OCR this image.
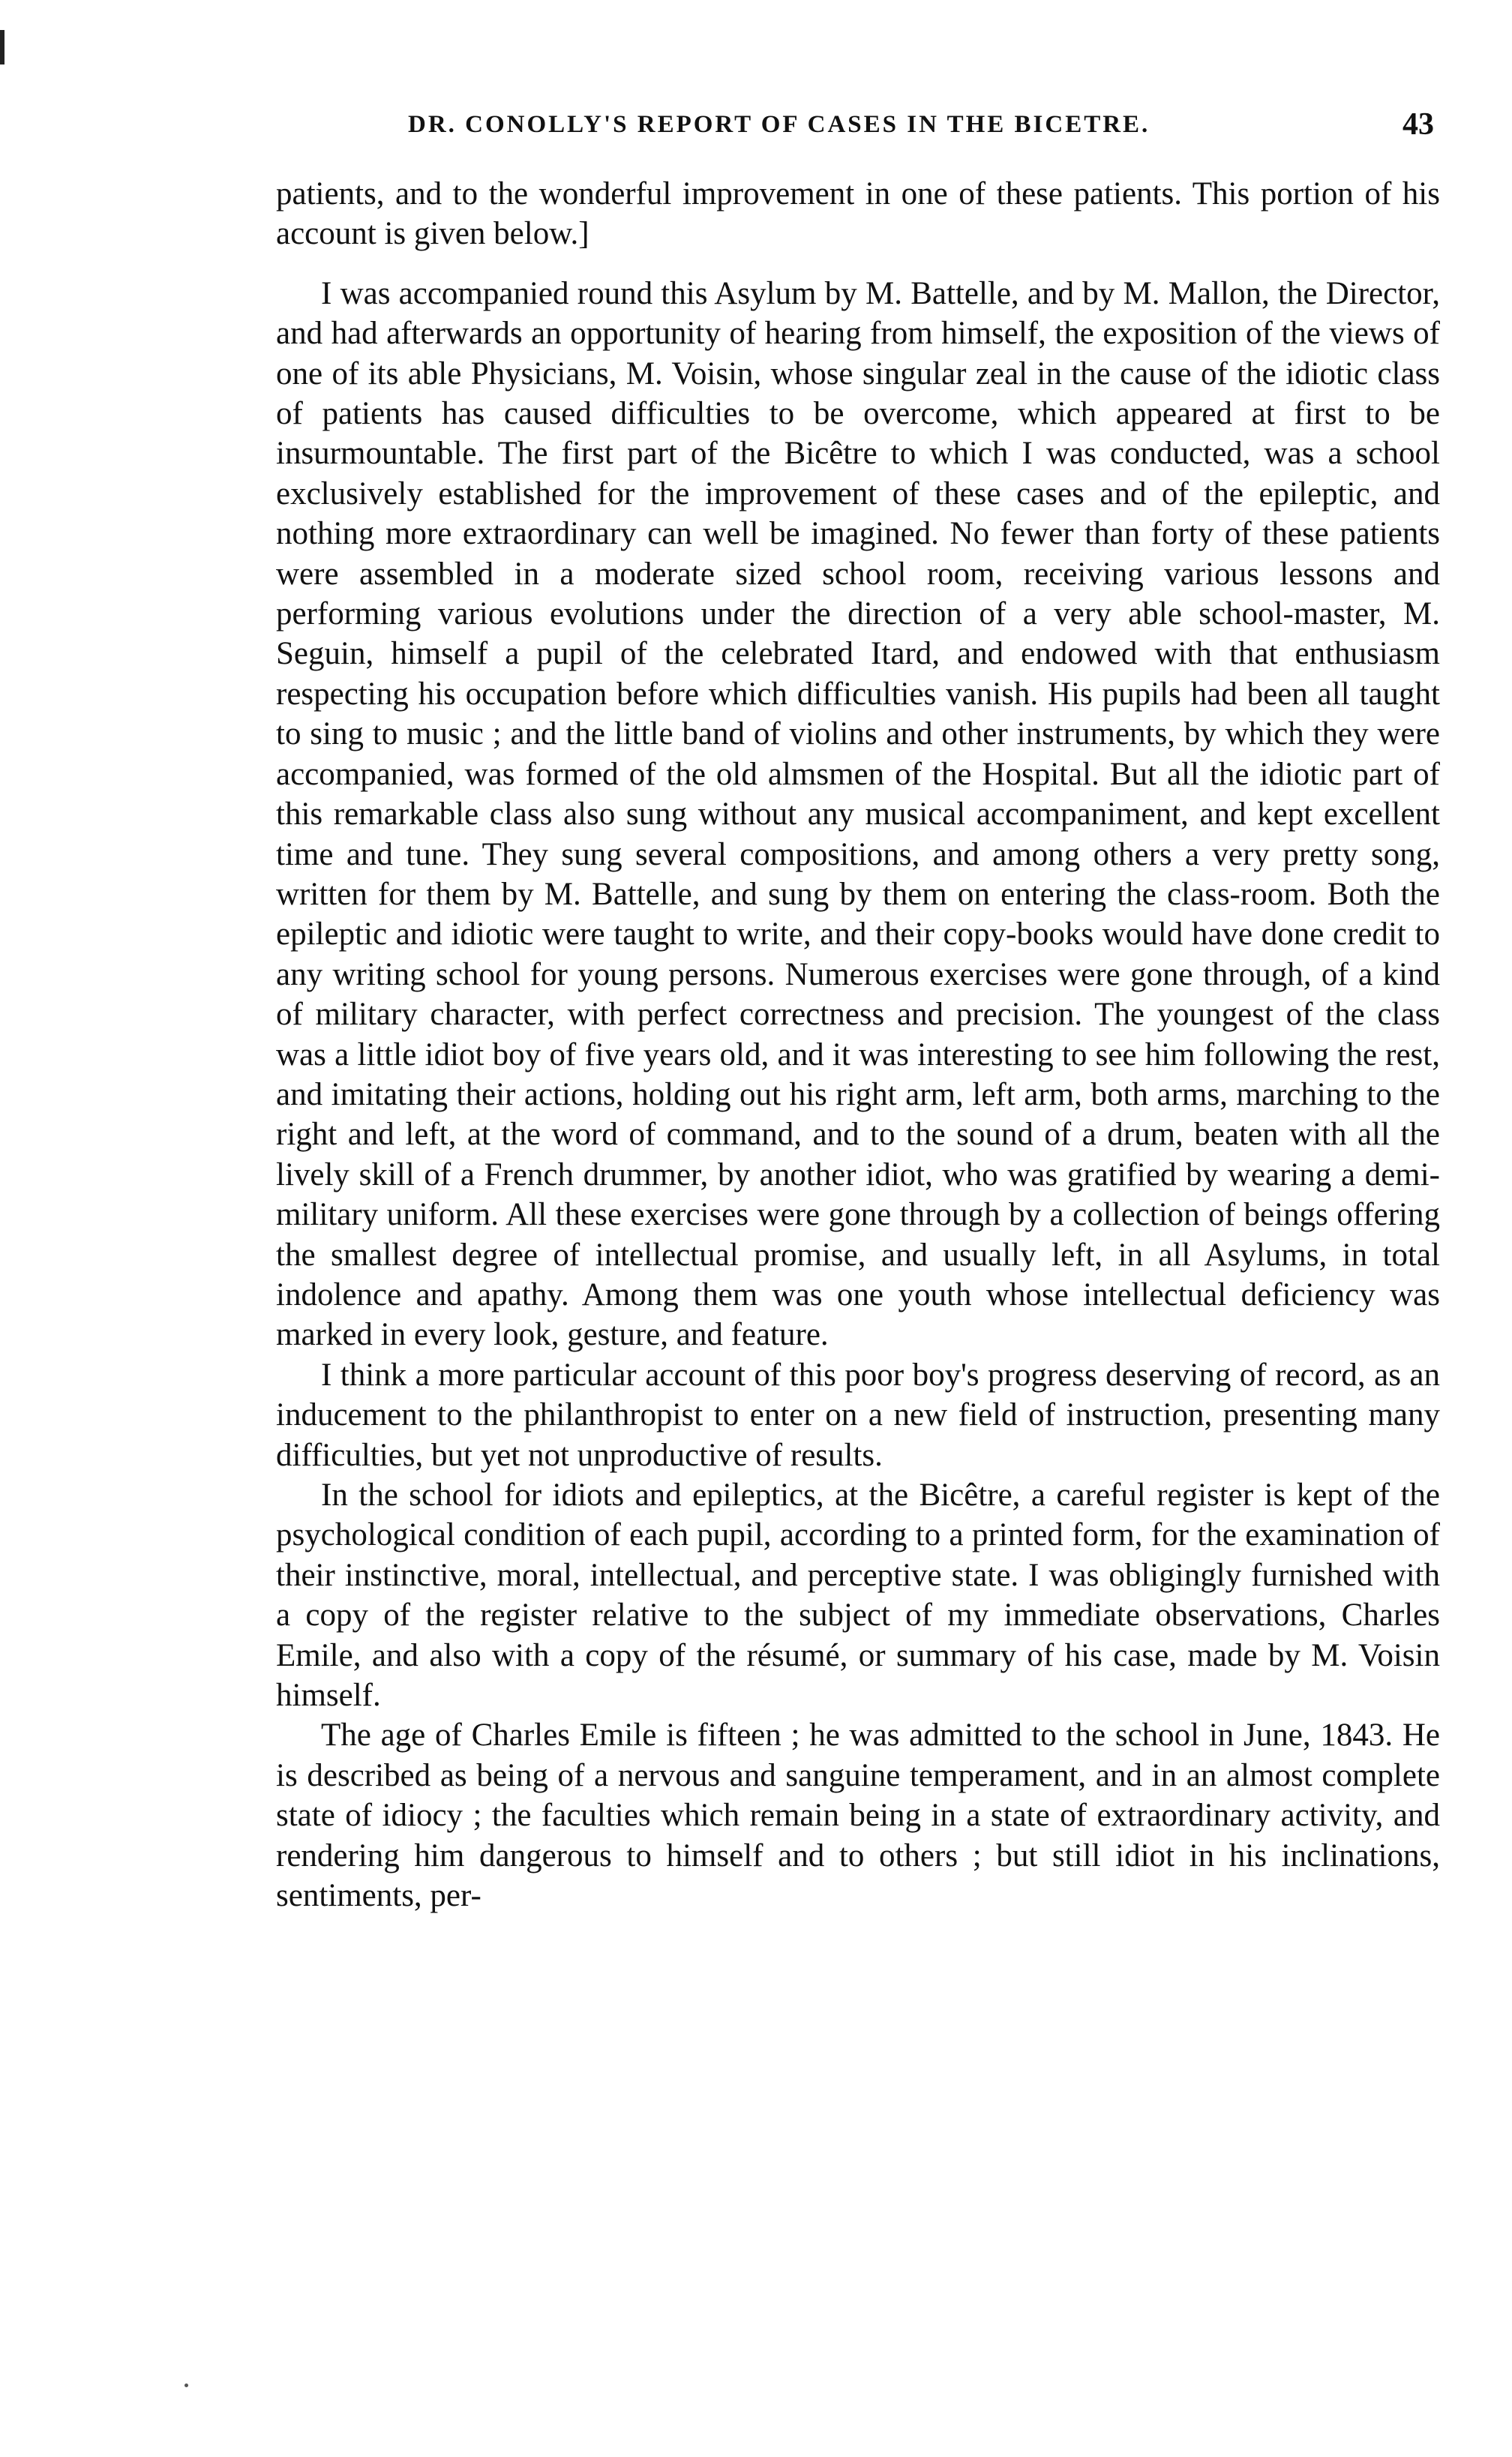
DR. CONOLLY'S REPORT OF CASES IN THE BICETRE.	43

patients, and to the wonderful improvement in one of these patients. This portion of his account is given below.]

I was accompanied round this Asylum by M. Battelle, and by M. Mallon, the Director, and had afterwards an opportunity of hearing from himself, the exposition of the views of one of its able Physicians, M. Voisin, whose singular zeal in the cause of the idiotic class of patients has caused difficulties to be overcome, which appeared at first to be insurmountable. The first part of the Bicêtre to which I was conducted, was a school exclusively established for the improvement of these cases and of the epileptic, and nothing more extraordinary can well be imagined. No fewer than forty of these patients were assembled in a moderate sized school room, receiving various lessons and performing various evolutions under the direction of a very able school-master, M. Seguin, himself a pupil of the celebrated Itard, and endowed with that enthusiasm respecting his occupation before which difficulties vanish. His pupils had been all taught to sing to music ; and the little band of violins and other instruments, by which they were accompanied, was formed of the old almsmen of the Hospital. But all the idiotic part of this remarkable class also sung without any musical accompaniment, and kept excellent time and tune. They sung several compositions, and among others a very pretty song, written for them by M. Battelle, and sung by them on entering the class-room. Both the epileptic and idiotic were taught to write, and their copy-books would have done credit to any writing school for young persons. Numerous exercises were gone through, of a kind of military character, with perfect correctness and precision. The youngest of the class was a little idiot boy of five years old, and it was interesting to see him following the rest, and imitating their actions, holding out his right arm, left arm, both arms, marching to the right and left, at the word of command, and to the sound of a drum, beaten with all the lively skill of a French drummer, by another idiot, who was gratified by wearing a demi-military uniform. All these exercises were gone through by a collection of beings offering the smallest degree of intellectual promise, and usually left, in all Asylums, in total indolence and apathy. Among them was one youth whose intellectual deficiency was marked in every look, gesture, and feature.

I think a more particular account of this poor boy's progress deserving of record, as an inducement to the philanthropist to enter on a new field of instruction, presenting many difficulties, but yet not unproductive of results.

In the school for idiots and epileptics, at the Bicêtre, a careful register is kept of the psychological condition of each pupil, according to a printed form, for the examination of their instinctive, moral, intellectual, and perceptive state. I was obligingly furnished with a copy of the register relative to the subject of my immediate observations, Charles Emile, and also with a copy of the résumé, or summary of his case, made by M. Voisin himself.

The age of Charles Emile is fifteen ; he was admitted to the school in June, 1843. He is described as being of a nervous and sanguine temperament, and in an almost complete state of idiocy ; the faculties which remain being in a state of extraordinary activity, and rendering him dangerous to himself and to others ; but still idiot in his inclinations, sentiments, per-
